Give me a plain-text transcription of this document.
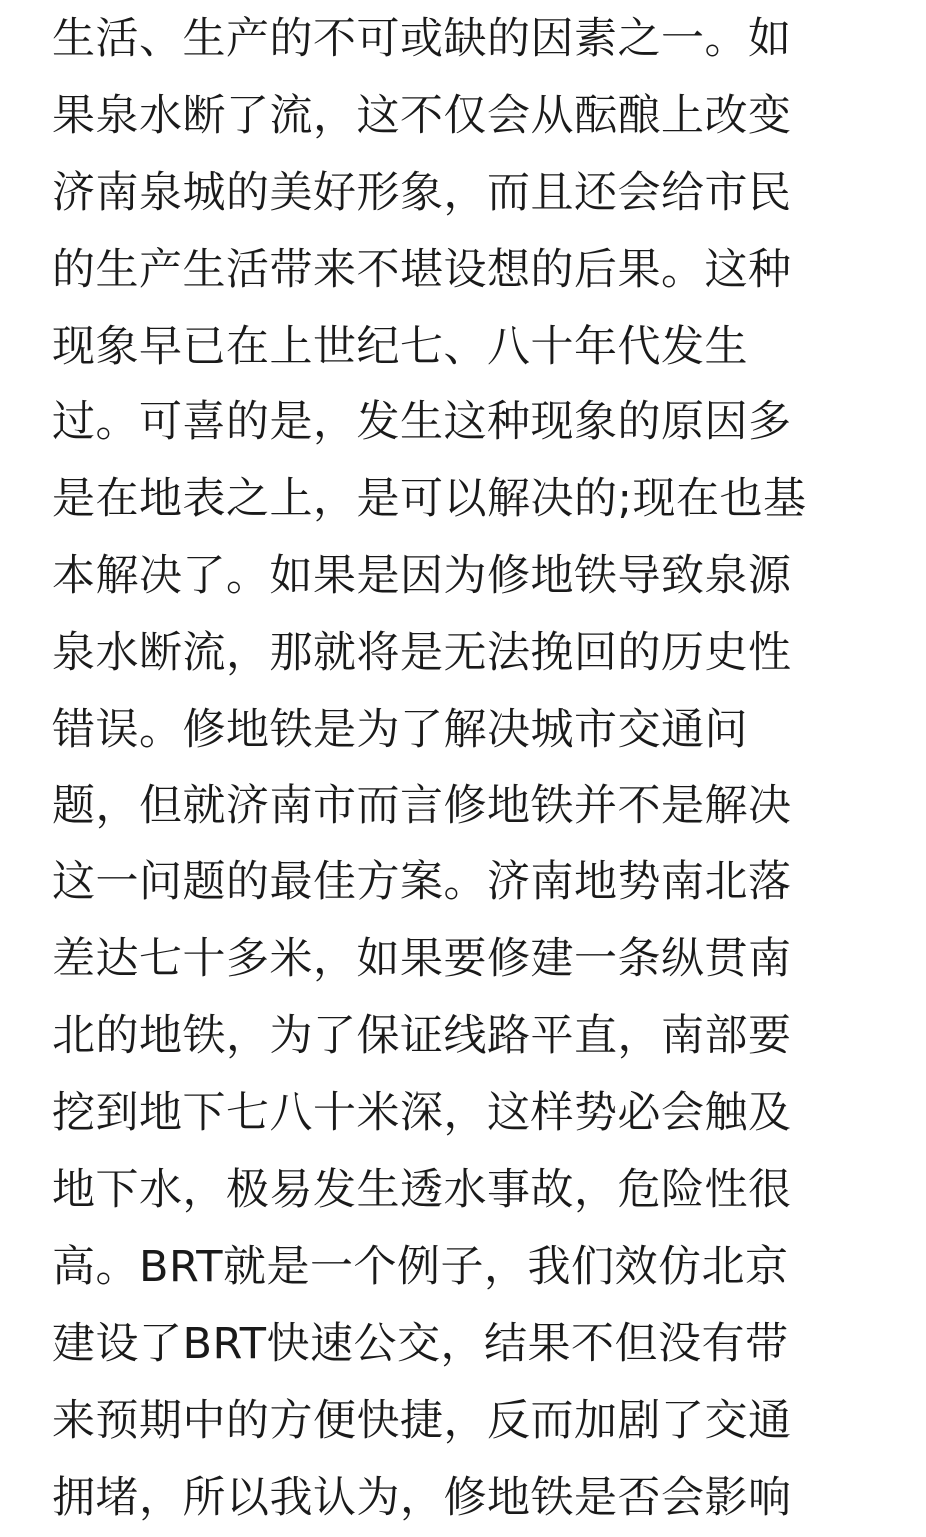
生活、生产的不可或缺的因素之一。如
果泉水断了流，这不仅会从酝酿上改变
济南泉城的美好形象，而且还会给市民
的生产生活带来不堪设想的后果。这种
现象早已在上世纪七、八十年代发生
过。可喜的是，发生这种现象的原因多
是在地表之上，是可以解决的;现在也基
本解决了。如果是因为修地铁导致泉源
泉水断流，那就将是无法挽回的历史性
错误。修地铁是为了解决城市交通问
题，但就济南市而言修地铁并不是解决
这一问题的最佳方案。济南地势南北落
差达七十多米，如果要修建一条纵贯南
北的地铁，为了保证线路平直，南部要
挖到地下七八十米深，这样势必会触及
地下水，极易发生透水事故，危险性很
高。BRT就是一个例子，我们效仿北京
建设了BRT快速公交，结果不但没有带
来预期中的方便快捷，反而加剧了交通
拥堵，所以我认为，修地铁是否会影响
